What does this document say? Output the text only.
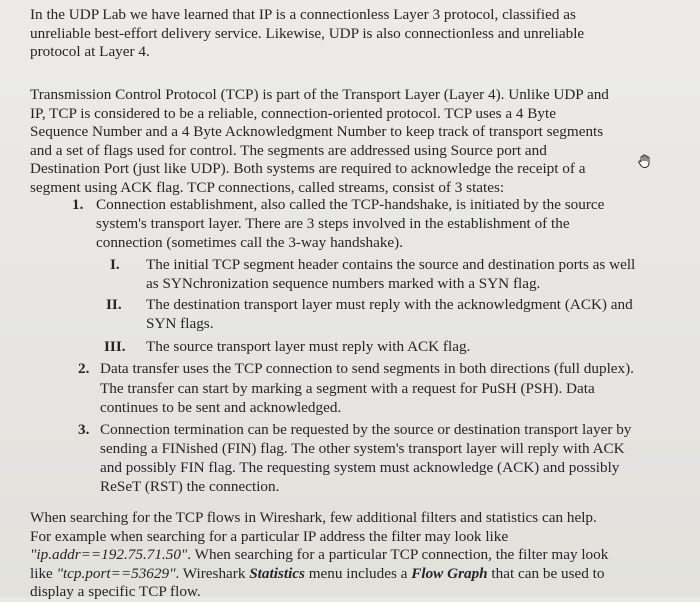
In the UDP Lab we have learned that IP is a connectionless Layer 3 protocol, classified as
unreliable best-effort delivery service. Likewise, UDP is also connectionless and unreliable
protocol at Layer 4.
Transmission Control Protocol (TCP) is part of the Transport Layer (Layer 4). Unlike UDP and
IP, TCP is considered to be a reliable, connection-oriented protocol. TCP uses a 4 Byte
Sequence Number and a 4 Byte Acknowledgment Number to keep track of transport segments
and a set of flags used for control. The segments are addressed using Source port and
Destination Port (just like UDP). Both systems are required to acknowledge the receipt of a
segment using ACK flag. TCP connections, called streams, consist of 3 states:
1. Connection establishment, also called the TCP-handshake, is initiated by the source
system's transport layer. There are 3 steps involved in the establishment of the
connection (sometimes call the 3-way handshake).
I. The initial TCP segment header contains the source and destination ports as well
as SYNchronization sequence numbers marked with a SYN flag.
II. The destination transport layer must reply with the acknowledgment (ACK) and
SYN flags.
III. The source transport layer must reply with ACK flag.
2. Data transfer uses the TCP connection to send segments in both directions (full duplex).
The transfer can start by marking a segment with a request for PuSH (PSH). Data
continues to be sent and acknowledged.
3. Connection termination can be requested by the source or destination transport layer by
sending a FINished (FIN) flag. The other system's transport layer will reply with ACK
and possibly FIN flag. The requesting system must acknowledge (ACK) and possibly
ReSeT (RST) the connection.
When searching for the TCP flows in Wireshark, few additional filters and statistics can help.
For example when searching for a particular IP address the filter may look like
"ip.addr==192.75.71.50". When searching for a particular TCP connection, the filter may look
like "tcp.port==53629". Wireshark Statistics menu includes a Flow Graph that can be used to
display a specific TCP flow.
